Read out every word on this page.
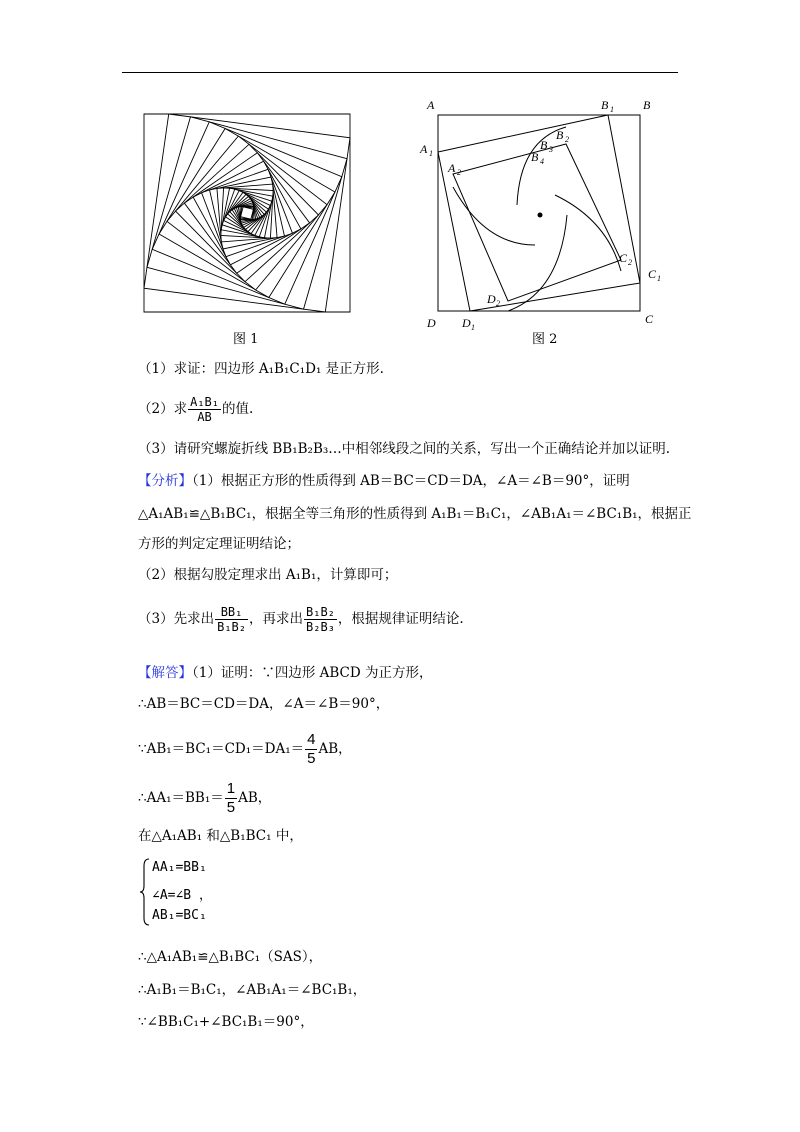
图 1
A	B
C
D
B
A
C
D
A
B
B
B
C
D
1
1
1
1
2
2
3
4
2
2
图 2
（1）求证：四边形 A₁B₁C₁D₁ 是正方形.
（2）求 $\frac{\text{A₁B₁}}{AB}$ 的值.
（3）请研究螺旋折线 BB₁B₂B₃…中相邻线段之间的关系，写出一个正确结论并加以证明.
【分析】（1）根据正方形的性质得到 AB＝BC＝CD＝DA，∠A＝∠B＝90°，证明
△A₁AB₁≌△B₁BC₁，根据全等三角形的性质得到 A₁B₁＝B₁C₁，∠AB₁A₁＝∠BC₁B₁，根据正
方形的判定定理证明结论；
（2）根据勾股定理求出 A₁B₁，计算即可；
（3）先求出 $\frac{\text{BB₁}}{\text{B₁B₂}}$ ，再求出 $\frac{\text{B₁B₂}}{\text{B₂B₃}}$ ，根据规律证明结论.
【解答】（1）证明：∵四边形 ABCD 为正方形，
∴AB＝BC＝CD＝DA，∠A＝∠B＝90°，
∵AB₁＝BC₁＝CD₁＝DA₁＝ $\frac{4}{5}$ AB，
∴AA₁＝BB₁＝ $\frac{1}{5}$ AB，
在△A₁AB₁ 和△B₁BC₁ 中，
AA₁=BB₁
∠A=∠B ，
AB₁=BC₁
∴△A₁AB₁≌△B₁BC₁（SAS），
∴A₁B₁＝B₁C₁，∠AB₁A₁＝∠BC₁B₁，
∵∠BB₁C₁+∠BC₁B₁＝90°，
